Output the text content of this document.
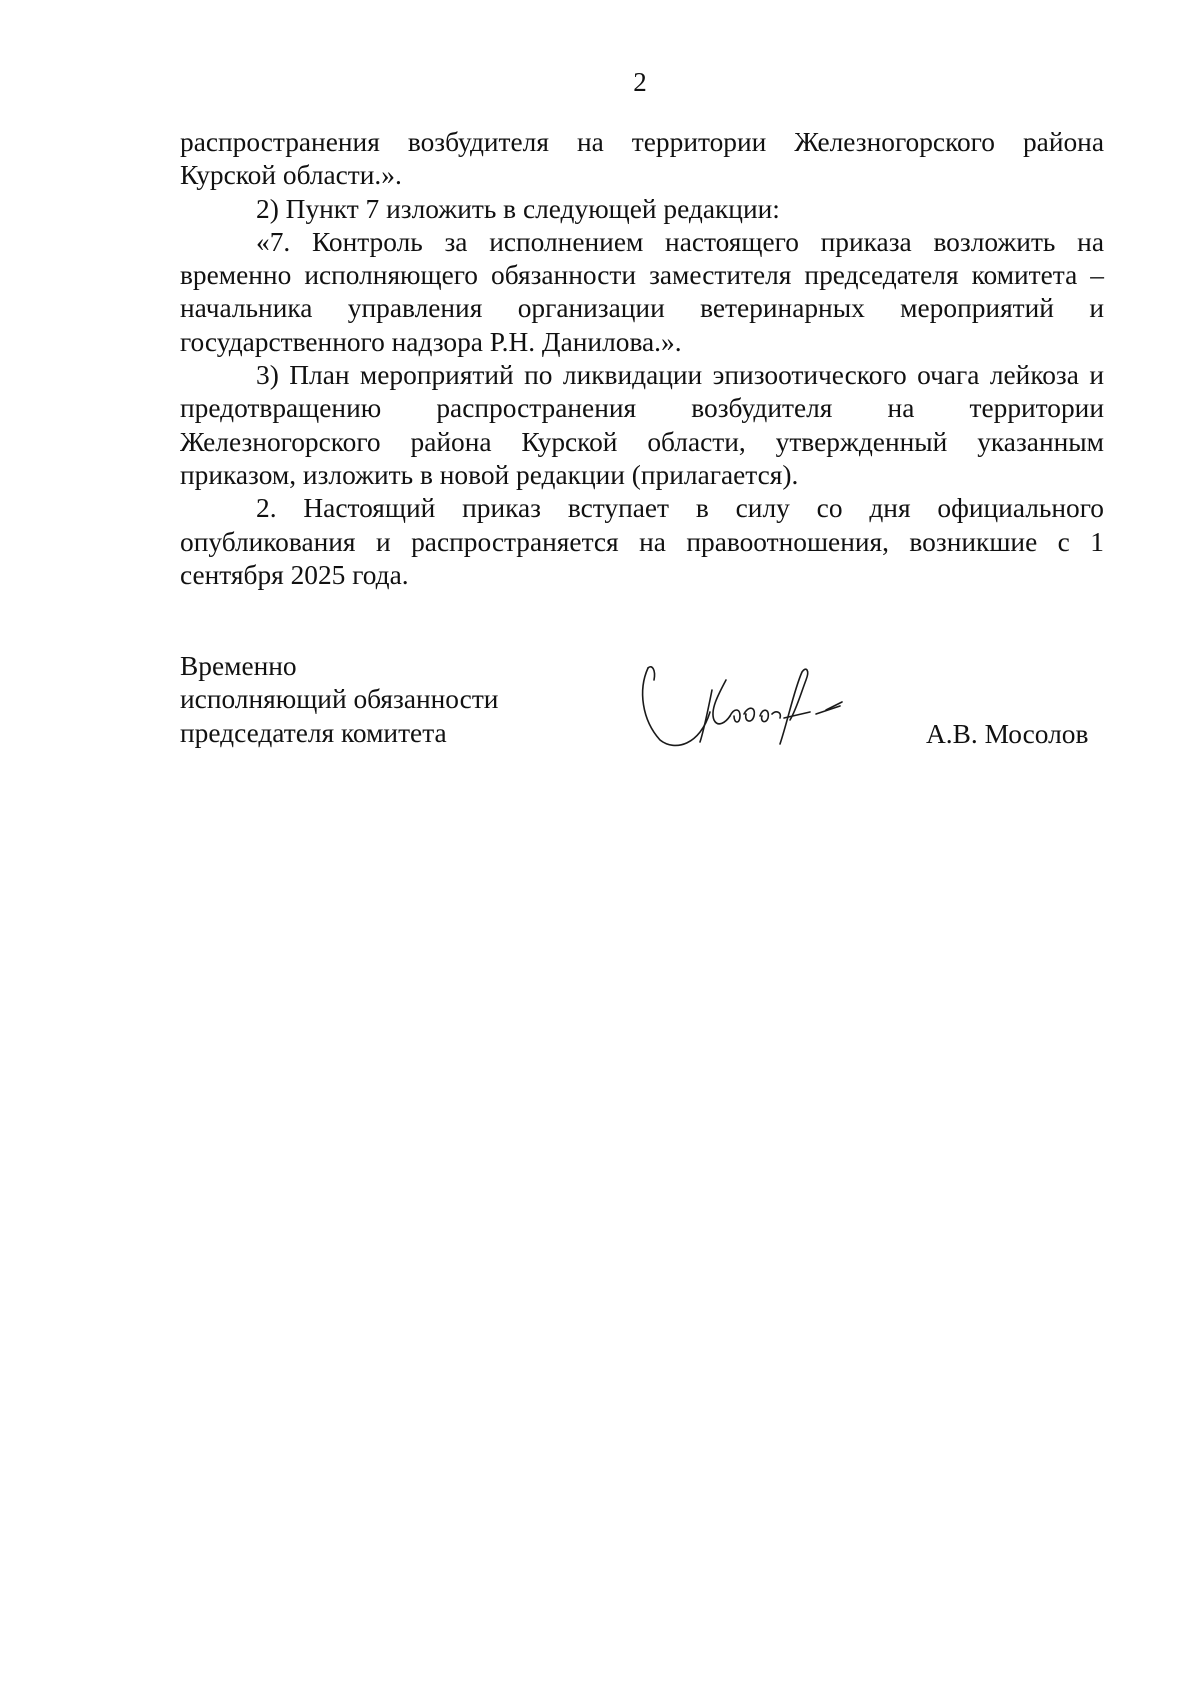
2

распространения возбудителя на территории Железногорского района

Курской области.».

2) Пункт 7 изложить в следующей редакции:

«7. Контроль за исполнением настоящего приказа возложить на временно исполняющего обязанности заместителя председателя комитета – начальника управления организации ветеринарных мероприятий и государственного надзора Р.Н. Данилова.».

3) План мероприятий по ликвидации эпизоотического очага лейкоза и предотвращению распространения возбудителя на территории Железногорского района Курской области, утвержденный указанным приказом, изложить в новой редакции (прилагается).

2. Настоящий приказ вступает в силу со дня официального опубликования и распространяется на правоотношения, возникшие с 1 сентября 2025 года.

Временно
исполняющий обязанности
председателя комитета	А.В. Мосолов
